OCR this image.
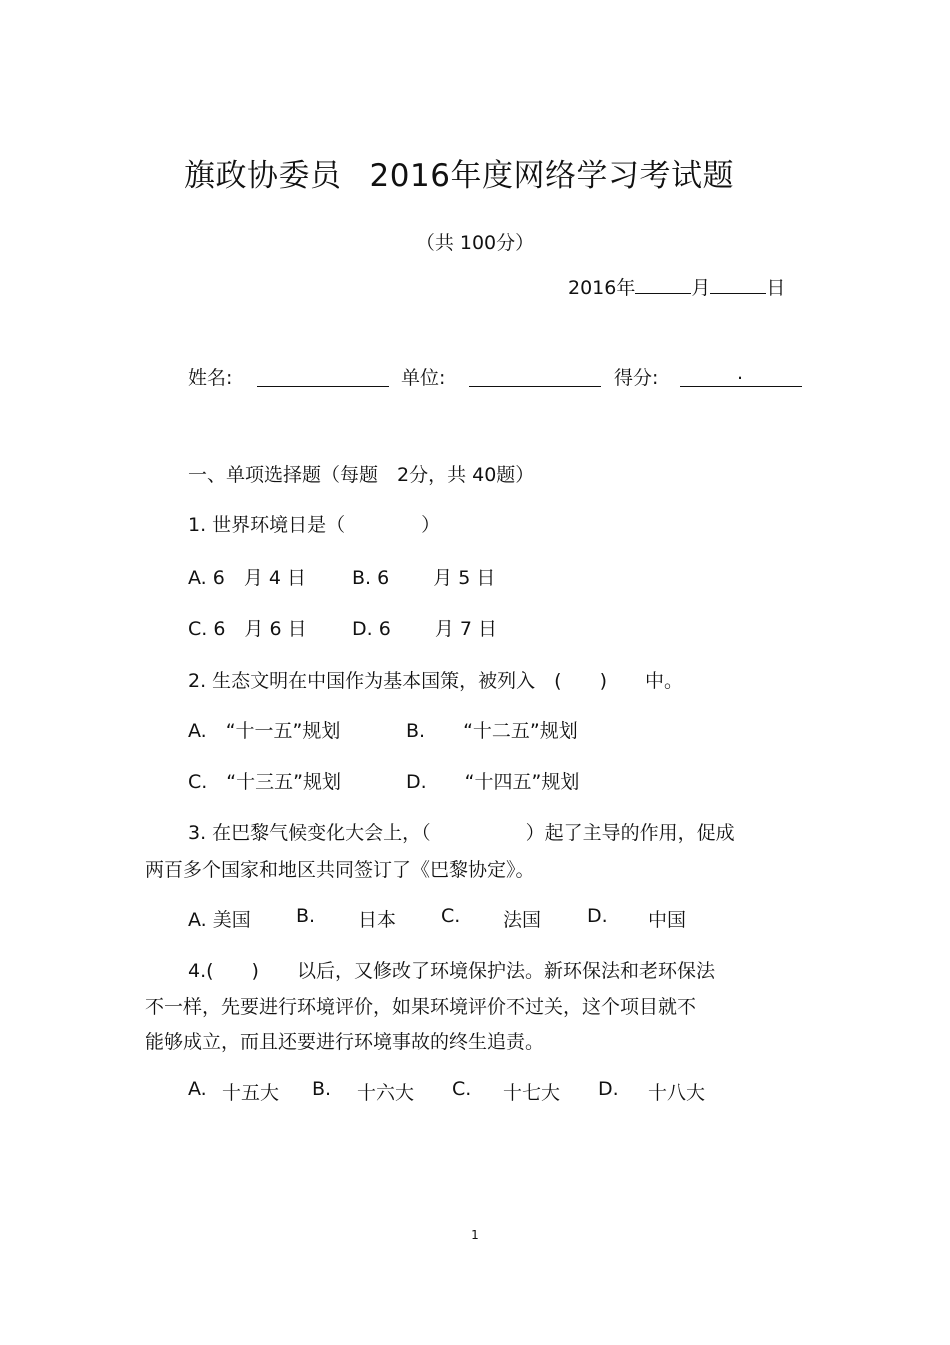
旗政协委员 2016年度网络学习考试题
（共 100分）
2016年	月	日
姓名:	单位:	得分:	.
一、单项选择题（每题　2分，共 40题）
1. 世界环境日是（　　　　）
A. 6　月 4 日 B. 6　　 月 5 日
C. 6　月 6 日 D. 6　　 月 7 日
2. 生态文明在中国作为基本国策，被列入　(　　)　　中。
A.　“十一五”规划	B.　　“十二五”规划
C.　“十三五”规划	D.　　“十四五”规划
3. 在巴黎气候变化大会上，（　　　　　）起了主导的作用，促成
两百多个国家和地区共同签订了《巴黎协定》。
A. 美国 B. 日本 C. 法国 D. 中国
4.(　　)　　以后，又修改了环境保护法。新环保法和老环保法
不一样，先要进行环境评价，如果环境评价不过关，这个项目就不
能够成立，而且还要进行环境事故的终生追责。
A. 十五大 B. 十六大 C. 十七大 D. 十八大
1
